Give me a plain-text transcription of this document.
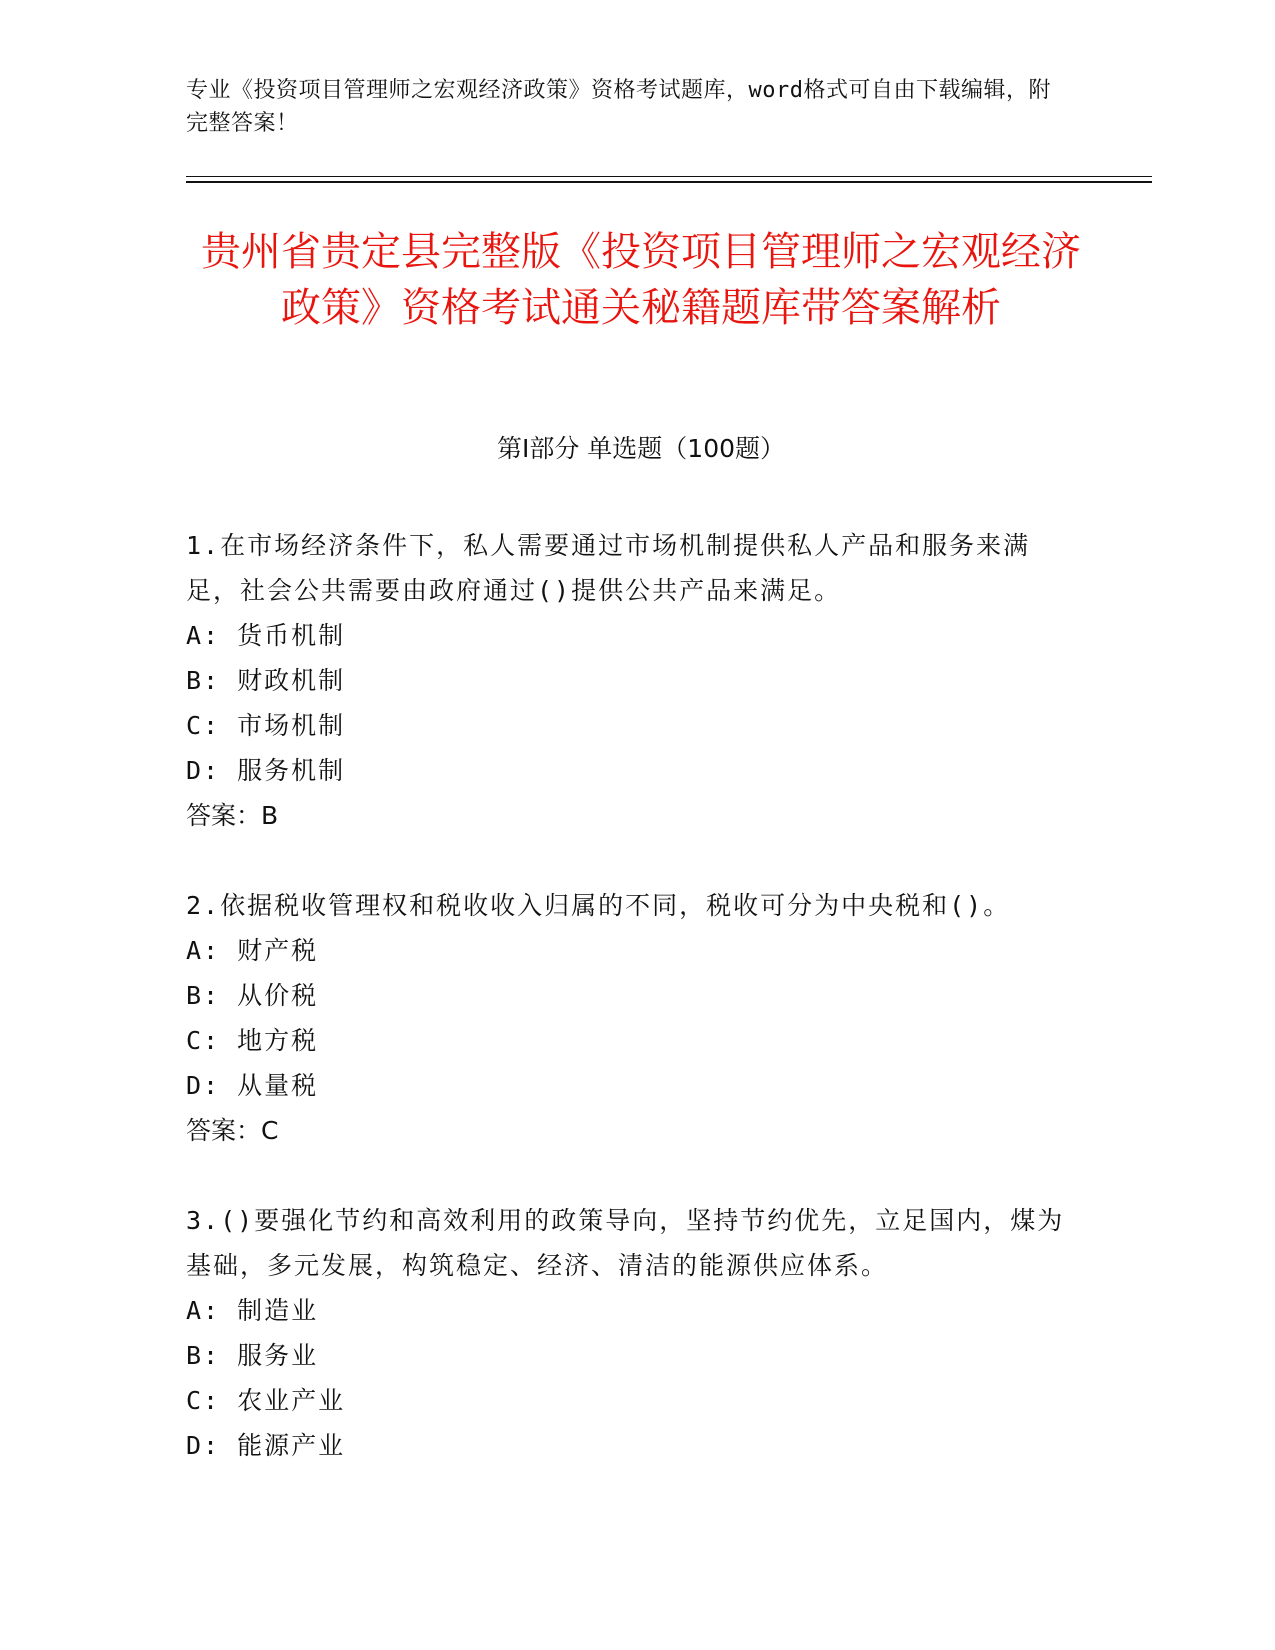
专业《投资项目管理师之宏观经济政策》资格考试题库，word格式可自由下载编辑，附完整答案！
贵州省贵定县完整版《投资项目管理师之宏观经济政策》资格考试通关秘籍题库带答案解析
第Ⅰ部分 单选题（100题）
1.在市场经济条件下，私人需要通过市场机制提供私人产品和服务来满足，社会公共需要由政府通过()提供公共产品来满足。
A: 货币机制
B: 财政机制
C: 市场机制
D: 服务机制
答案：B
2.依据税收管理权和税收收入归属的不同，税收可分为中央税和()。
A: 财产税
B: 从价税
C: 地方税
D: 从量税
答案：C
3.()要强化节约和高效利用的政策导向，坚持节约优先，立足国内，煤为基础，多元发展，构筑稳定、经济、清洁的能源供应体系。
A: 制造业
B: 服务业
C: 农业产业
D: 能源产业
